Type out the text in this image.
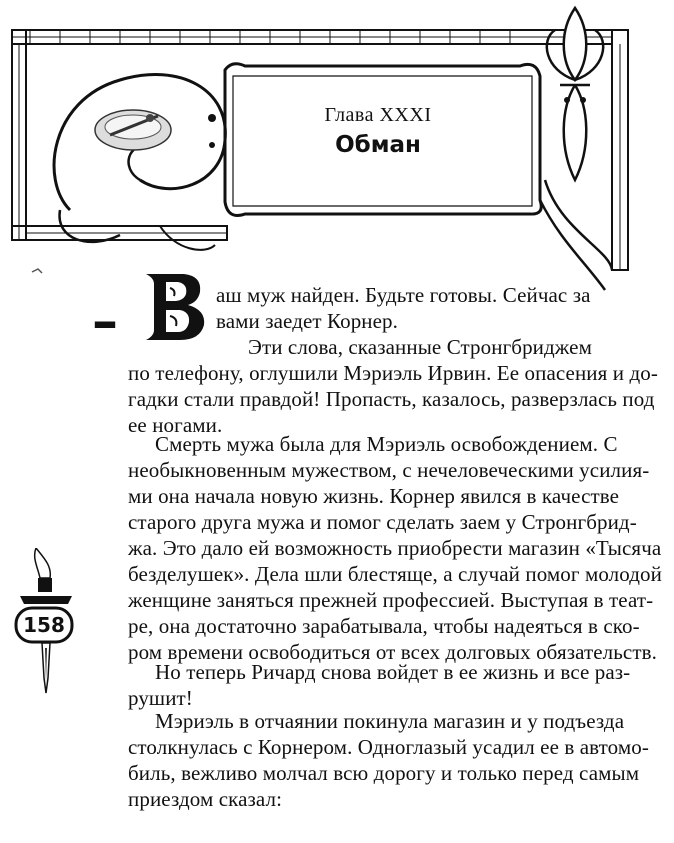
Глава XXXI
Обман
–	аш муж найден. Будьте готовы. Сейчас за
вами заедет Корнер.
Эти слова, сказанные Стронгбриджем
по телефону, оглушили Мэриэль Ирвин. Ее опасения и до-
гадки стали правдой! Пропасть, казалось, разверзлась под
ее ногами.
Смерть мужа была для Мэриэль освобождением. С
необыкновенным мужеством, с нечеловеческими усилия-
ми она начала новую жизнь. Корнер явился в качестве
старого друга мужа и помог сделать заем у Стронгбрид-
жа. Это дало ей возможность приобрести магазин «Тысяча
безделушек». Дела шли блестяще, а случай помог молодой
женщине заняться прежней профессией. Выступая в теат-
ре, она достаточно зарабатывала, чтобы надеяться в ско-
ром времени освободиться от всех долговых обязательств.
Но теперь Ричард снова войдет в ее жизнь и все раз-
рушит!
Мэриэль в отчаянии покинула магазин и у подъезда
столкнулась с Корнером. Одноглазый усадил ее в автомо-
биль, вежливо молчал всю дорогу и только перед самым
приездом сказал:
158
